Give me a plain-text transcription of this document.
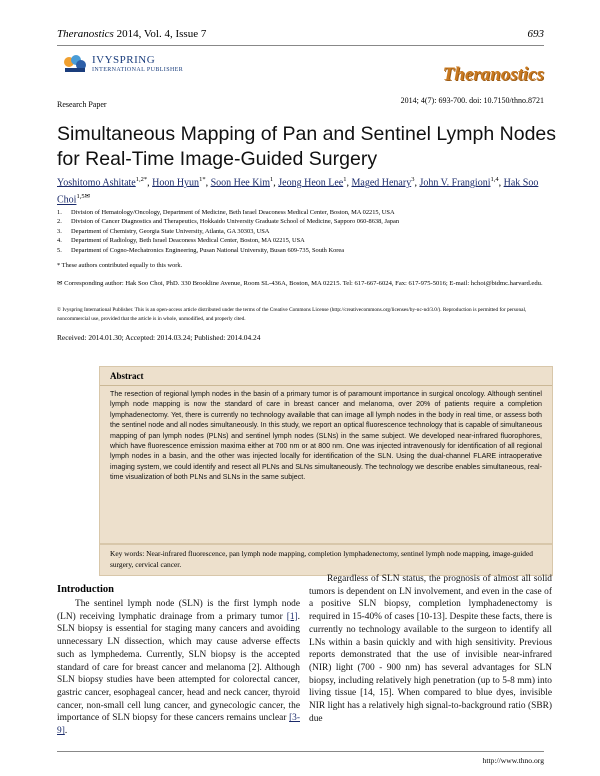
Theranostics 2014, Vol. 4, Issue 7	693
IVYSPRING
INTERNATIONAL PUBLISHER	Theranostics
2014; 4(7): 693-700. doi: 10.7150/thno.8721
Research Paper
Simultaneous Mapping of Pan and Sentinel Lymph Nodes for Real-Time Image-Guided Surgery
Yoshitomo Ashitate$^{1,2*}$, Hoon Hyun$^{1*}$, Soon Hee Kim$^1$, Jeong Heon Lee$^1$, Maged Henary$^3$, John V. Frangioni$^{1,4}$, Hak Soo Choi$^{1,5✉}$
1. Division of Hematology/Oncology, Department of Medicine, Beth Israel Deaconess Medical Center, Boston, MA 02215, USA
2. Division of Cancer Diagnostics and Therapeutics, Hokkaido University Graduate School of Medicine, Sapporo 060-8638, Japan
3. Department of Chemistry, Georgia State University, Atlanta, GA 30303, USA
4. Department of Radiology, Beth Israel Deaconess Medical Center, Boston, MA 02215, USA
5. Department of Cogno-Mechatronics Engineering, Pusan National University, Busan 609-735, South Korea
* These authors contributed equally to this work.
✉ Corresponding author: Hak Soo Choi, PhD. 330 Brookline Avenue, Room SL-436A, Boston, MA 02215. Tel: 617-667-6024, Fax: 617-975-5016; E-mail: hchoi@bidmc.harvard.edu.
© Ivyspring International Publisher. This is an open-access article distributed under the terms of the Creative Commons License (http://creativecommons.org/licenses/by-nc-nd/3.0/). Reproduction is permitted for personal, noncommercial use, provided that the article is in whole, unmodified, and properly cited.
Received: 2014.01.30; Accepted: 2014.03.24; Published: 2014.04.24
Abstract
The resection of regional lymph nodes in the basin of a primary tumor is of paramount importance in surgical oncology. Although sentinel lymph node mapping is now the standard of care in breast cancer and melanoma, over 20% of patients require a completion lymphadenectomy. Yet, there is currently no technology available that can image all lymph nodes in the body in real time, or assess both the sentinel node and all nodes simultaneously. In this study, we report an optical fluorescence technology that is capable of simultaneous mapping of pan lymph nodes (PLNs) and sentinel lymph nodes (SLNs) in the same subject. We developed near-infrared fluorophores, which have fluorescence emission maxima either at 700 nm or at 800 nm. One was injected intravenously for identification of all regional lymph nodes in a basin, and the other was injected locally for identification of the SLN. Using the dual-channel FLARE intraoperative imaging system, we could identify and resect all PLNs and SLNs simultaneously. The technology we describe enables simultaneous, real-time visualization of both PLNs and SLNs in the same subject.
Key words: Near-infrared fluorescence, pan lymph node mapping, completion lymphadenectomy, sentinel lymph node mapping, image-guided surgery, cervical cancer.
Introduction

The sentinel lymph node (SLN) is the first lymph node (LN) receiving lymphatic drainage from a primary tumor [1]. SLN biopsy is essential for staging many cancers and avoiding unnecessary LN dissection, which may cause adverse effects such as lymphedema. Currently, SLN biopsy is the accepted standard of care for breast cancer and melanoma [2]. Although SLN biopsy studies have been attempted for colorectal cancer, gastric cancer, esophageal cancer, head and neck cancer, thyroid cancer, non-small cell lung cancer, and gynecologic cancer, the importance of SLN biopsy for these cancers remains unclear [3-9].

Regardless of SLN status, the prognosis of almost all solid tumors is dependent on LN involvement, and even in the case of a positive SLN biopsy, completion lymphadenectomy is required in 15-40% of cases [10-13]. Despite these facts, there is currently no technology available to the surgeon to identify all LNs within a basin quickly and with high sensitivity. Previous reports demonstrated that the use of invisible near-infrared (NIR) light (700 - 900 nm) has several advantages for SLN biopsy, including relatively high penetration (up to 5-8 mm) into living tissue [14, 15]. When compared to blue dyes, invisible NIR light has a relatively high signal-to-background ratio (SBR) due

http://www.thno.org
